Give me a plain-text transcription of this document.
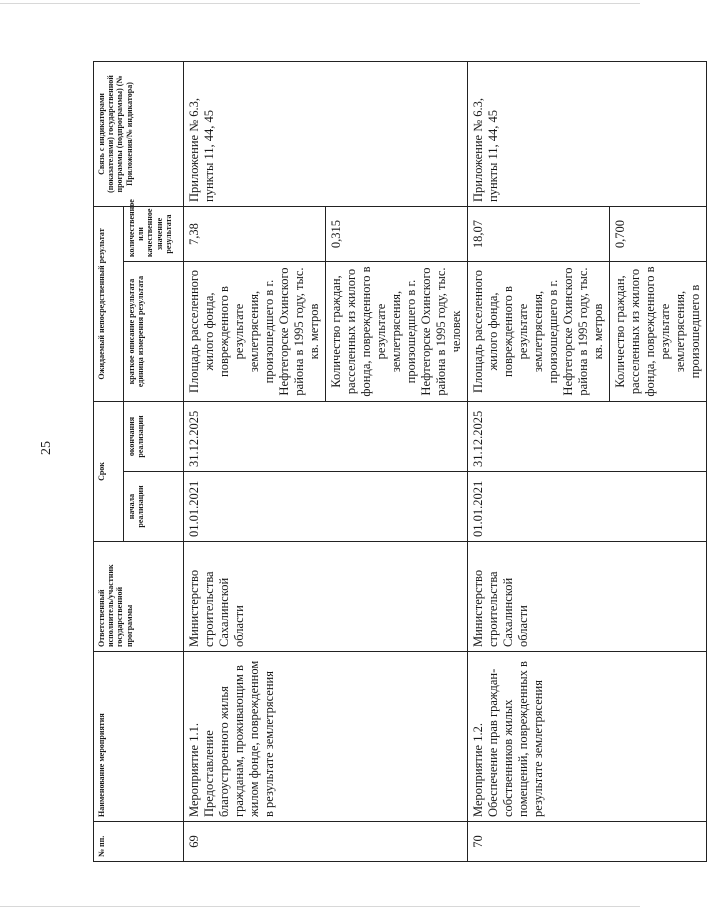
25
№ пп.	Наименование мероприятия	Ответственный исполнитель/участник государственной программы	Срок		Ожидаемый непосредственный результат		Связь с индикаторами (показателями) государственной программы (подпрограммы) (№ Приложения/№ индикатора)
			начала реализации	окончания реализации	краткое описание результата единица измерения результата	количественное или качественное значение результата	
69	Мероприятие 1.1. Предоставление благоустроенного жилья гражданам, проживающим в жилом фонде, поврежденном в результате землетрясения	Министерство строительства Сахалинской области	01.01.2021	31.12.2025	Площадь расселенного жилого фонда, поврежденного в результате землетрясения, произошедшего в г. Нефтегорске Охинского района в 1995 году, тыс. кв. метров	7,38	Приложение № 6.3, пункты 11, 44, 45
					Количество граждан, расселенных из жилого фонда, поврежденного в результате землетрясения, произошедшего в г. Нефтегорске Охинского района в 1995 году, тыс. человек	0,315	
70	Мероприятие 1.2. Обеспечение прав граждан-собственников жилых помещений, поврежденных в результате землетрясения	Министерство строительства Сахалинской области	01.01.2021	31.12.2025	Площадь расселенного жилого фонда, поврежденного в результате землетрясения, произошедшего в г. Нефтегорске Охинского района в 1995 году, тыс. кв. метров	18,07	Приложение № 6.3, пункты 11, 44, 45
					Количество граждан, расселенных из жилого фонда, поврежденного в результате землетрясения, произошедшего в	0,700	
